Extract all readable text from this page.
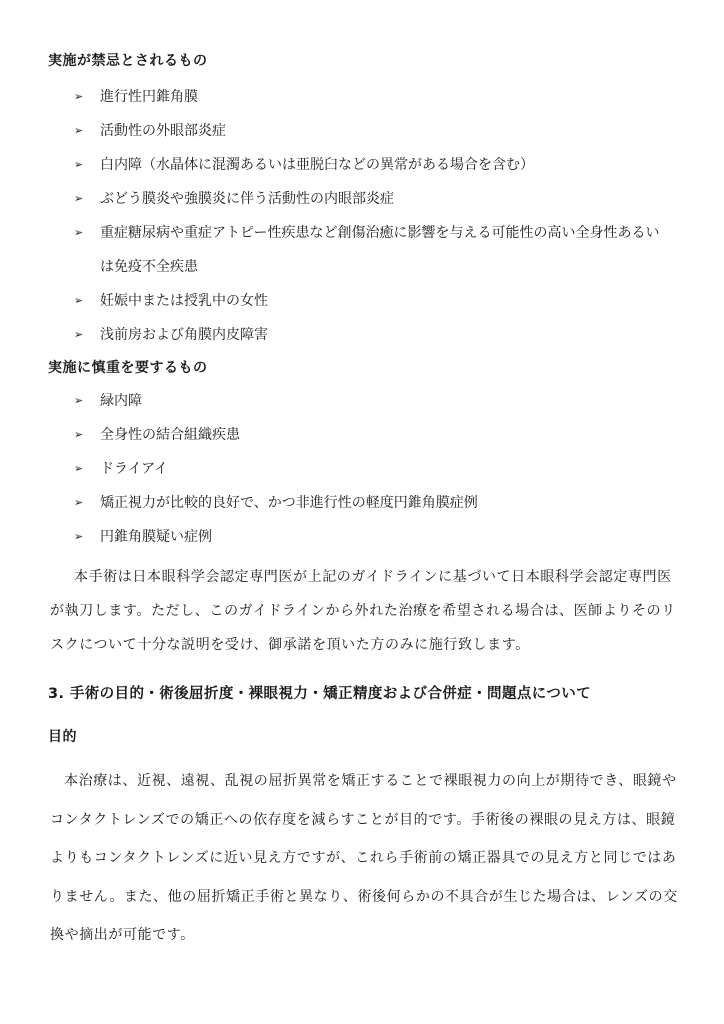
実施が禁忌とされるもの
➢ 進行性円錐角膜
➢ 活動性の外眼部炎症
➢ 白内障（水晶体に混濁あるいは亜脱臼などの異常がある場合を含む）
➢ ぶどう膜炎や強膜炎に伴う活動性の内眼部炎症
➢ 重症糖尿病や重症アトピー性疾患など創傷治癒に影響を与える可能性の高い全身性あるい
は免疫不全疾患
➢ 妊娠中または授乳中の女性
➢ 浅前房および角膜内皮障害
実施に慎重を要するもの
➢ 緑内障
➢ 全身性の結合組織疾患
➢ ドライアイ
➢ 矯正視力が比較的良好で、かつ非進行性の軽度円錐角膜症例
➢ 円錐角膜疑い症例
本手術は日本眼科学会認定専門医が上記のガイドラインに基づいて日本眼科学会認定専門医
が執刀します。ただし、このガイドラインから外れた治療を希望される場合は、医師よりそのリ
スクについて十分な説明を受け、御承諾を頂いた方のみに施行致します。
3. 手術の目的・術後屈折度・裸眼視力・矯正精度および合併症・問題点について
目的
本治療は、近視、遠視、乱視の屈折異常を矯正することで裸眼視力の向上が期待でき、眼鏡や
コンタクトレンズでの矯正への依存度を減らすことが目的です。手術後の裸眼の見え方は、眼鏡
よりもコンタクトレンズに近い見え方ですが、これら手術前の矯正器具での見え方と同じではあ
りません。また、他の屈折矯正手術と異なり、術後何らかの不具合が生じた場合は、レンズの交
換や摘出が可能です。
